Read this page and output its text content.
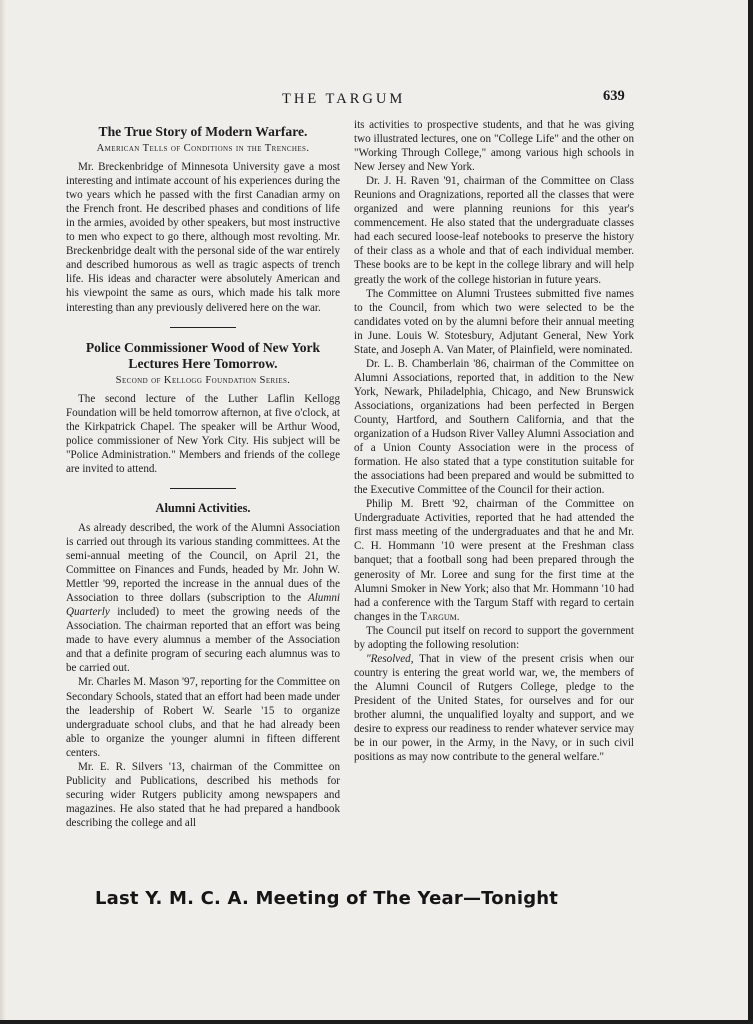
THE TARGUM	639
The True Story of Modern Warfare.
American Tells of Conditions in the Trenches.

Mr. Breckenbridge of Minnesota University gave a most interesting and intimate account of his experiences during the two years which he passed with the first Canadian army on the French front. He described phases and conditions of life in the armies, avoided by other speakers, but most instructive to men who expect to go there, although most revolting. Mr. Breckenbridge dealt with the personal side of the war entirely and described humorous as well as tragic aspects of trench life. His ideas and character were absolutely American and his viewpoint the same as ours, which made his talk more interesting than any previously delivered here on the war.

Police Commissioner Wood of New York Lectures Here Tomorrow.
Second of Kellogg Foundation Series.

The second lecture of the Luther Laflin Kellogg Foundation will be held tomorrow afternon, at five o'clock, at the Kirkpatrick Chapel. The speaker will be Arthur Wood, police commissioner of New York City. His subject will be "Police Administration." Members and friends of the college are invited to attend.

Alumni Activities.

As already described, the work of the Alumni Association is carried out through its various standing committees. At the semi-annual meeting of the Council, on April 21, the Committee on Finances and Funds, headed by Mr. John W. Mettler '99, reported the increase in the annual dues of the Association to three dollars (subscription to the Alumni Quarterly included) to meet the growing needs of the Association. The chairman reported that an effort was being made to have every alumnus a member of the Association and that a definite program of securing each alumnus was to be carried out.

Mr. Charles M. Mason '97, reporting for the Committee on Secondary Schools, stated that an effort had been made under the leadership of Robert W. Searle '15 to organize undergraduate school clubs, and that he had already been able to organize the younger alumni in fifteen different centers.

Mr. E. R. Silvers '13, chairman of the Committee on Publicity and Publications, described his methods for securing wider Rutgers publicity among newspapers and magazines. He also stated that he had prepared a handbook describing the college and all

its activities to prospective students, and that he was giving two illustrated lectures, one on "College Life" and the other on "Working Through College," among various high schools in New Jersey and New York.

Dr. J. H. Raven '91, chairman of the Committee on Class Reunions and Oragnizations, reported all the classes that were organized and were planning reunions for this year's commencement. He also stated that the undergraduate classes had each secured loose-leaf notebooks to preserve the history of their class as a whole and that of each individual member. These books are to be kept in the college library and will help greatly the work of the college historian in future years.

The Committee on Alumni Trustees submitted five names to the Council, from which two were selected to be the candidates voted on by the alumni before their annual meeting in June. Louis W. Stotesbury, Adjutant General, New York State, and Joseph A. Van Mater, of Plainfield, were nominated.

Dr. L. B. Chamberlain '86, chairman of the Committee on Alumni Associations, reported that, in addition to the New York, Newark, Philadelphia, Chicago, and New Brunswick Associations, organizations had been perfected in Bergen County, Hartford, and Southern California, and that the organization of a Hudson River Valley Alumni Association and of a Union County Association were in the process of formation. He also stated that a type constitution suitable for the associations had been prepared and would be submitted to the Executive Committee of the Council for their action.

Philip M. Brett '92, chairman of the Committee on Undergraduate Activities, reported that he had attended the first mass meeting of the undergraduates and that he and Mr. C. H. Hommann '10 were present at the Freshman class banquet; that a football song had been prepared through the generosity of Mr. Loree and sung for the first time at the Alumni Smoker in New York; also that Mr. Hommann '10 had had a conference with the Targum Staff with regard to certain changes in the Targum.

The Council put itself on record to support the government by adopting the following resolution:

"Resolved, That in view of the present crisis when our country is entering the great world war, we, the members of the Alumni Council of Rutgers College, pledge to the President of the United States, for ourselves and for our brother alumni, the unqualified loyalty and support, and we desire to express our readiness to render whatever service may be in our power, in the Army, in the Navy, or in such civil positions as may now contribute to the general welfare."

Last Y. M. C. A. Meeting of The Year—Tonight
